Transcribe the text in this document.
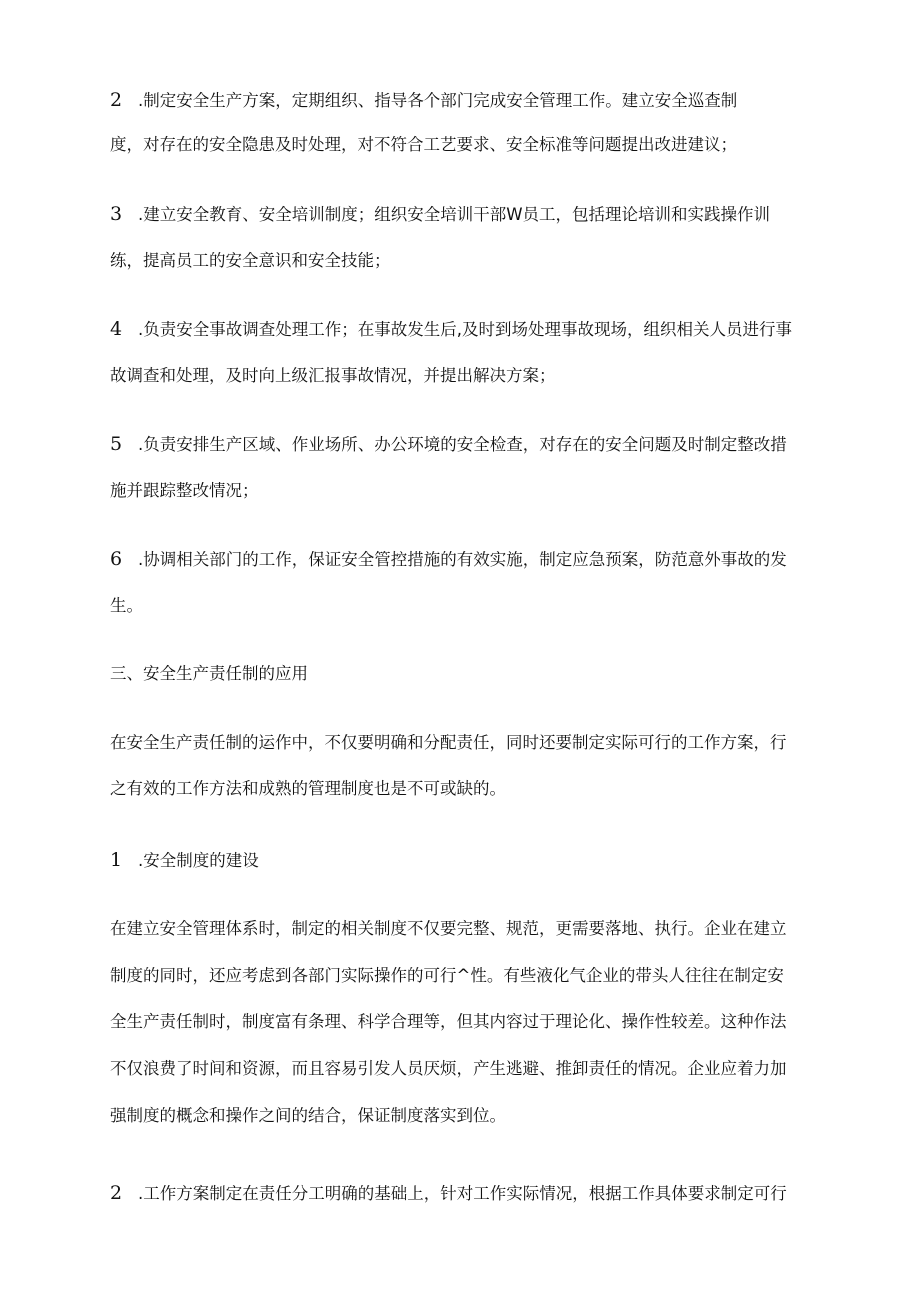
2 .制定安全生产方案，定期组织、指导各个部门完成安全管理工作。建立安全巡查制
度，对存在的安全隐患及时处理，对不符合工艺要求、安全标准等问题提出改进建议；
3 .建立安全教育、安全培训制度；组织安全培训干部W员工，包括理论培训和实践操作训
练，提高员工的安全意识和安全技能；
4 .负责安全事故调查处理工作；在事故发生后,及时到场处理事故现场，组织相关人员进行事
故调查和处理，及时向上级汇报事故情况，并提出解决方案；
5 .负责安排生产区域、作业场所、办公环境的安全检查，对存在的安全问题及时制定整改措
施并跟踪整改情况；
6 .协调相关部门的工作，保证安全管控措施的有效实施，制定应急预案，防范意外事故的发
生。
三、安全生产责任制的应用
在安全生产责任制的运作中，不仅要明确和分配责任，同时还要制定实际可行的工作方案，行
之有效的工作方法和成熟的管理制度也是不可或缺的。
1 .安全制度的建设
在建立安全管理体系时，制定的相关制度不仅要完整、规范，更需要落地、执行。企业在建立
制度的同时，还应考虑到各部门实际操作的可行^性。有些液化气企业的带头人往往在制定安
全生产责任制时，制度富有条理、科学合理等，但其内容过于理论化、操作性较差。这种作法
不仅浪费了时间和资源，而且容易引发人员厌烦，产生逃避、推卸责任的情况。企业应着力加
强制度的概念和操作之间的结合，保证制度落实到位。
2 .工作方案制定在责任分工明确的基础上，针对工作实际情况，根据工作具体要求制定可行
